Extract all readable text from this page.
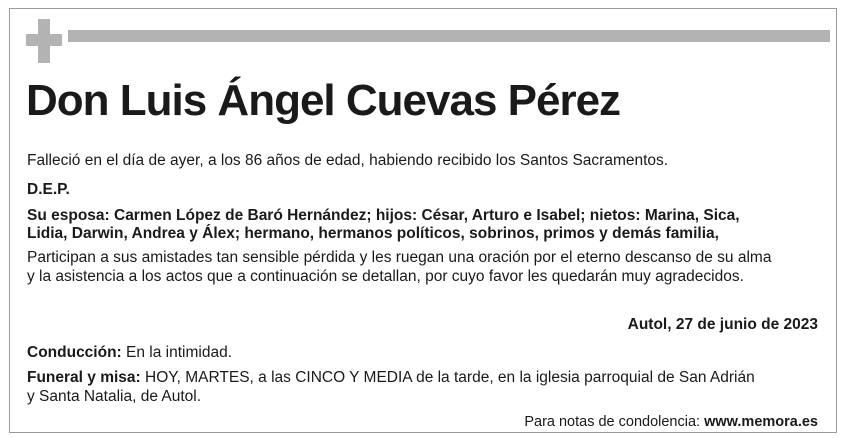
Don Luis Ángel Cuevas Pérez
Falleció en el día de ayer, a los 86 años de edad, habiendo recibido los Santos Sacramentos.
D.E.P.
Su esposa: Carmen López de Baró Hernández; hijos: César, Arturo e Isabel; nietos: Marina, Sica,
Lidia, Darwin, Andrea y Álex; hermano, hermanos políticos, sobrinos, primos y demás familia,
Participan a sus amistades tan sensible pérdida y les ruegan una oración por el eterno descanso de su alma
y la asistencia a los actos que a continuación se detallan, por cuyo favor les quedarán muy agradecidos.
Autol, 27 de junio de 2023
Conducción: En la intimidad.
Funeral y misa: HOY, MARTES, a las CINCO Y MEDIA de la tarde, en la iglesia parroquial de San Adrián
y Santa Natalia, de Autol.
Para notas de condolencia: www.memora.es
